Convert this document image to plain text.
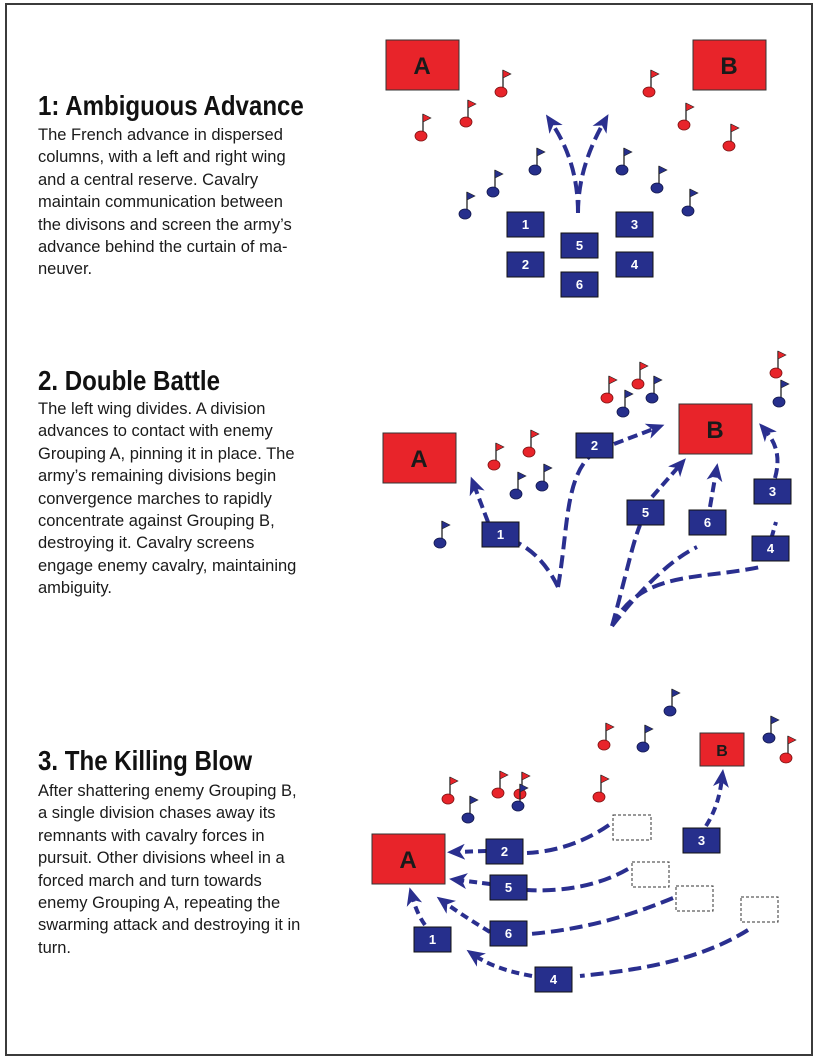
1: Ambiguous Advance
The French advance in dispersed
columns, with a left and right wing
and a central reserve. Cavalry
maintain communication between
the divisons and screen the army’s
advance behind the curtain of ma-
neuver.
2. Double Battle
The left wing divides. A division
advances to contact with enemy
Grouping A, pinning it in place. The
army’s remaining divisions begin
convergence marches to rapidly
concentrate against Grouping B,
destroying it. Cavalry screens
engage enemy cavalry, maintaining
ambiguity.
3. The Killing Blow
After shattering enemy Grouping B,
a single division chases away its
remnants with cavalry forces in
pursuit. Other divisions wheel in a
forced march and turn towards
enemy Grouping A, repeating the
swarming attack and destroying it in
turn.
A	B
1
2
3
4
5
6
A
B
1
2
3
4
5
6
A
B
1
2
3
4
5
6
